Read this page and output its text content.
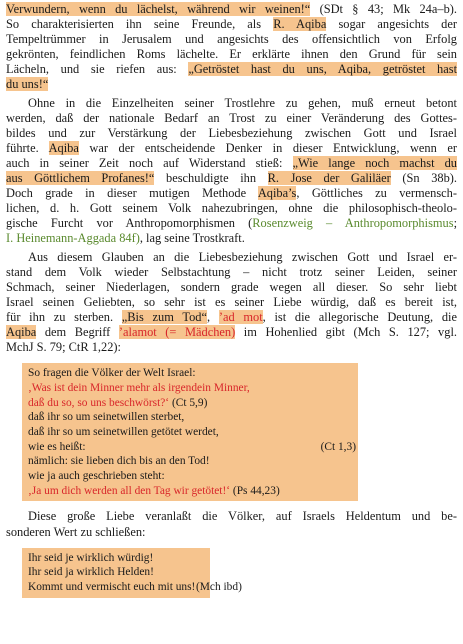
Verwundern, wenn du lächelst, während wir weinen!“ (SDt § 43; Mk 24a–b).
So charakterisierten ihn seine Freunde, als R. Aqiba sogar angesichts der
Tempeltrümmer in Jerusalem und angesichts des offensichtlich von Erfolg
gekrönten, feindlichen Roms lächelte. Er erklärte ihnen den Grund für sein
Lächeln, und sie riefen aus: „Getröstet hast du uns, Aqiba, getröstet hast
du uns!“
Ohne in die Einzelheiten seiner Trostlehre zu gehen, muß erneut betont
werden, daß der nationale Bedarf an Trost zu einer Veränderung des Gottes-
bildes und zur Verstärkung der Liebesbeziehung zwischen Gott und Israel
führte. Aqiba war der entscheidende Denker in dieser Entwicklung, wenn er
auch in seiner Zeit noch auf Widerstand stieß: „Wie lange noch machst du
aus Göttlichem Profanes!“ beschuldigte ihn R. Jose der Galiläer (Sn 38b).
Doch grade in dieser mutigen Methode Aqiba’s, Göttliches zu vermensch-
lichen, d. h. Gott seinem Volk nahezubringen, ohne die philosophisch-theolo-
gische Furcht vor Anthropomorphismen (Rosenzweig – Anthropomorphismus;
I. Heinemann-Aggada 84f), lag seine Trostkraft.
Aus diesem Glauben an die Liebesbeziehung zwischen Gott und Israel er-
stand dem Volk wieder Selbstachtung – nicht trotz seiner Leiden, seiner
Schmach, seiner Niederlagen, sondern grade wegen all dieser. So sehr liebt
Israel seinen Geliebten, so sehr ist es seiner Liebe würdig, daß es bereit ist,
für ihn zu sterben. „Bis zum Tod“, ’ad mot, ist die allegorische Deutung, die
Aqiba dem Begriff ’alamot (= Mädchen) im Hohenlied gibt (Mch S. 127; vgl.
MchJ S. 79; CtR 1,22):
So fragen die Völker der Welt Israel:
‚Was ist dein Minner mehr als irgendein Minner,
daß du so, so uns beschwörst?‘ (Ct 5,9)
daß ihr so um seinetwillen sterbet,
daß ihr so um seinetwillen getötet werdet,
wie es heißt:	(Ct 1,3)
nämlich: sie lieben dich bis an den Tod!
wie ja auch geschrieben steht:
‚Ja um dich werden all den Tag wir getötet!‘ (Ps 44,23)
Diese große Liebe veranlaßt die Völker, auf Israels Heldentum und be-
sonderen Wert zu schließen:
Ihr seid je wirklich würdig!
Ihr seid ja wirklich Helden!
Kommt und vermischt euch mit uns! (Mch ibd)
